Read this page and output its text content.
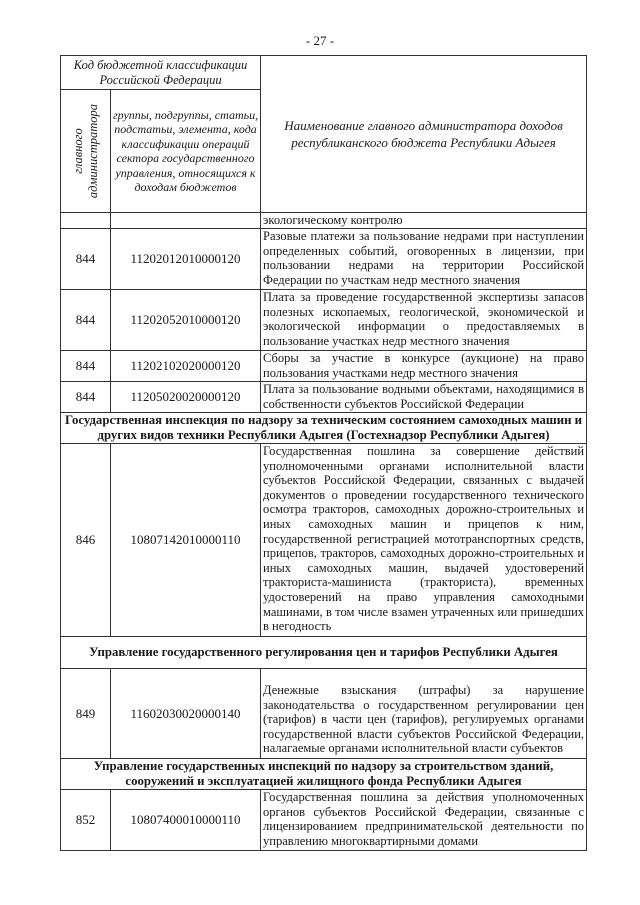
- 27 -
Код бюджетной классификации Российской Федерации		Наименование главного администратора доходов республиканского бюджета Республики Адыгея

главного администратора	группы, подгруппы, статьи, подстатьи, элемента, кода классификации операций сектора государственного управления, относящихся к доходам бюджетов	
		экологическому контролю
844	11202012010000120	Разовые платежи за пользование недрами при наступлении определенных событий, оговоренных в лицензии, при пользовании недрами на территории Российской Федерации по участкам недр местного значения
844	11202052010000120	Плата за проведение государственной экспертизы запасов полезных ископаемых, геологической, экономической и экологической информации о предоставляемых в пользование участках недр местного значения
844	11202102020000120	Сборы за участие в конкурсе (аукционе) на право пользования участками недр местного значения
844	11205020020000120	Плата за пользование водными объектами, находящимися в собственности субъектов Российской Федерации
Государственная инспекция по надзору за техническим состоянием самоходных машин и других видов техники Республики Адыгея (Гостехнадзор Республики Адыгея)		
846	10807142010000110	Государственная пошлина за совершение действий уполномоченными органами исполнительной власти субъектов Российской Федерации, связанных с выдачей документов о проведении государственного технического осмотра тракторов, самоходных дорожно-строительных и иных самоходных машин и прицепов к ним, государственной регистрацией мототранспортных средств, прицепов, тракторов, самоходных дорожно-строительных и иных самоходных машин, выдачей удостоверений тракториста-машиниста (тракториста), временных удостоверений на право управления самоходными машинами, в том числе взамен утраченных или пришедших в негодность
Управление государственного регулирования цен и тарифов Республики Адыгея		
849	11602030020000140	Денежные взыскания (штрафы) за нарушение законодательства о государственном регулировании цен (тарифов) в части цен (тарифов), регулируемых органами государственной власти субъектов Российской Федерации, налагаемые органами исполнительной власти субъектов
Управление государственных инспекций по надзору за строительством зданий, сооружений и эксплуатацией жилищного фонда Республики Адыгея		
852	10807400010000110	Государственная пошлина за действия уполномоченных органов субъектов Российской Федерации, связанные с лицензированием предпринимательской деятельности по управлению многоквартирными домами
